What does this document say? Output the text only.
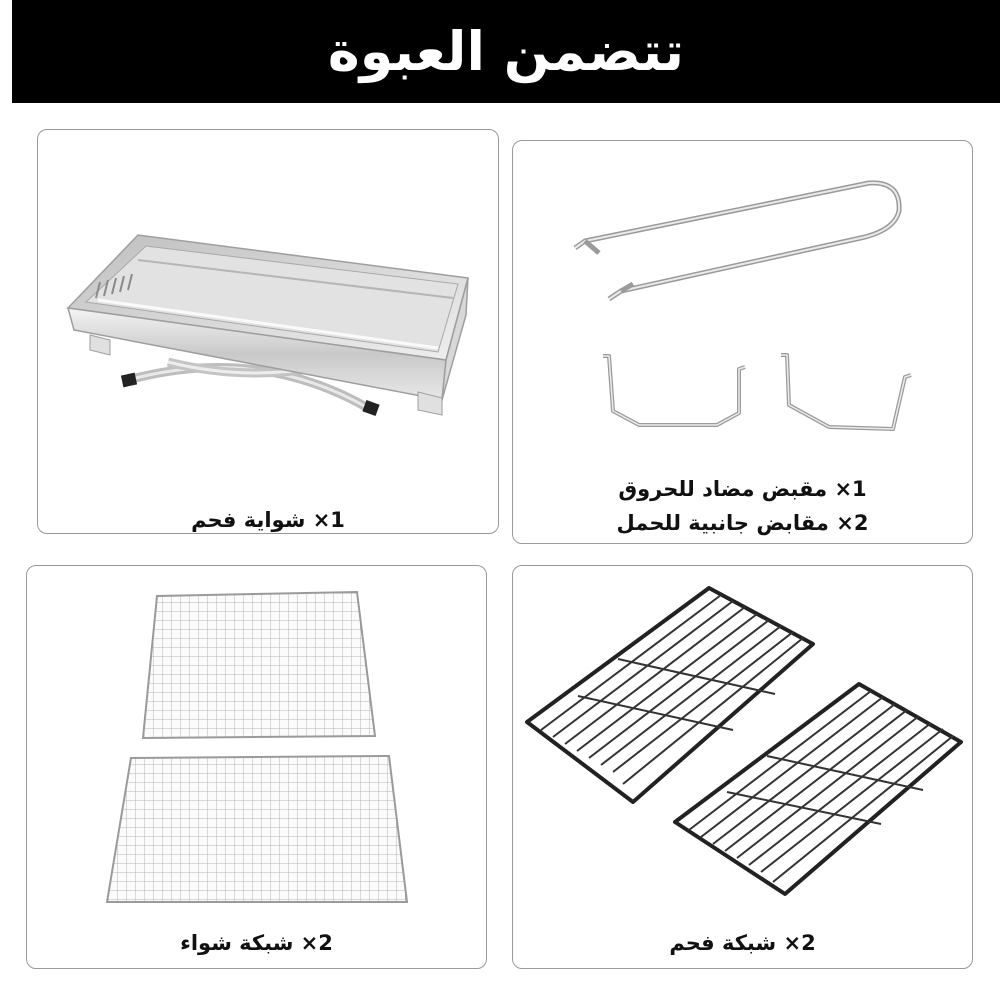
تتضمن العبوة
1× شواية فحم
1× مقبض مضاد للحروق
2× مقابض جانبية للحمل
2× شبكة شواء	2× شبكة فحم
